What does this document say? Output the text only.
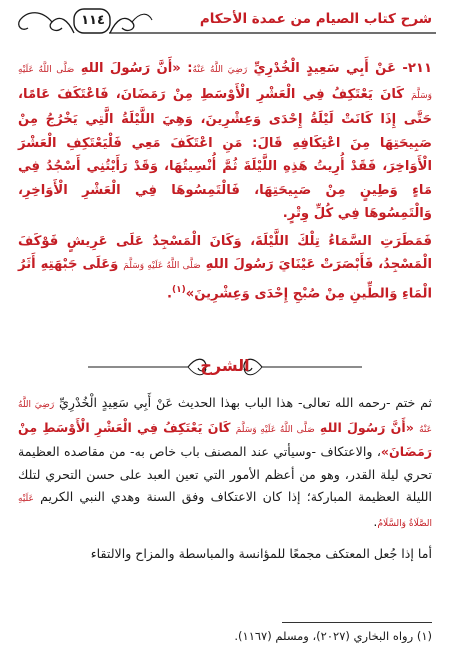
١١٤	شرح كتاب الصيام من عمدة الأحكام

٢١١- عَنْ أَبِي سَعِيدٍ الْخُدْرِيِّ رَضِيَ اللَّهُ عَنْهُ: «أَنَّ رَسُولَ اللهِ صَلَّى اللَّهُ عَلَيْهِ وَسَلَّمَ كَانَ يَعْتَكِفُ فِي الْعَشْرِ الْأَوْسَطِ مِنْ رَمَضَانَ، فَاعْتَكَفَ عَامًا، حَتَّى إِذَا كَانَتْ لَيْلَةُ إِحْدَى وَعِشْرِينَ، وَهِيَ اللَّيْلَةُ الَّتِي يَخْرُجُ مِنْ صَبِيحَتِهَا مِنَ اعْتِكَافِهِ قَالَ: مَنِ اعْتَكَفَ مَعِي فَلْيَعْتَكِفِ الْعَشْرَ الْأَوَاخِرَ، فَقَدْ أُرِيتُ هَذِهِ اللَّيْلَةَ ثُمَّ أُنْسِيتُهَا، وَقَدْ رَأَيْتُنِي أَسْجُدُ فِي مَاءٍ وَطِينٍ مِنْ صَبِيحَتِهَا، فَالْتَمِسُوهَا فِي الْعَشْرِ الْأَوَاخِرِ، وَالْتَمِسُوهَا فِي كُلِّ وِتْرٍ.

فَمَطَرَتِ السَّمَاءُ تِلْكَ اللَّيْلَةَ، وَكَانَ الْمَسْجِدُ عَلَى عَرِيشٍ فَوْكَفَ الْمَسْجِدُ، فَأَبْصَرَتْ عَيْنَايَ رَسُولَ اللهِ صَلَّى اللَّهُ عَلَيْهِ وَسَلَّمَ وَعَلَى جَبْهَتِهِ أَثَرُ الْمَاءِ وَالطِّينِ مِنْ صُبْحِ إِحْدَى وَعِشْرِينَ»$^{(١)}$.

الشرح

ثم ختم -رحمه الله تعالى- هذا الباب بهذا الحديث عَنْ أَبِي سَعِيدٍ الْخُدْرِيِّ رَضِيَ اللَّهُ عَنْهُ «أَنَّ رَسُولَ اللهِ صَلَّى اللَّهُ عَلَيْهِ وَسَلَّمَ كَانَ يَعْتَكِفُ فِي الْعَشْرِ الْأَوْسَطِ مِنْ رَمَضَانَ»، والاعتكاف -وسيأتي عند المصنف باب خاص به- من مقاصده العظيمة تحري ليلة القدر، وهو من أعظم الأمور التي تعين العبد على حسن التحري لتلك الليلة العظيمة المباركة؛ إذا كان الاعتكاف وفق السنة وهدي النبي الكريم عَلَيْهِ الصَّلَاةُ وَالسَّلَامُ.

أما إذا جُعل المعتكف مجمعًا للمؤانسة والمباسطة والمزاح والالتقاء

(١) رواه البخاري (٢٠٢٧)، ومسلم (١١٦٧).
